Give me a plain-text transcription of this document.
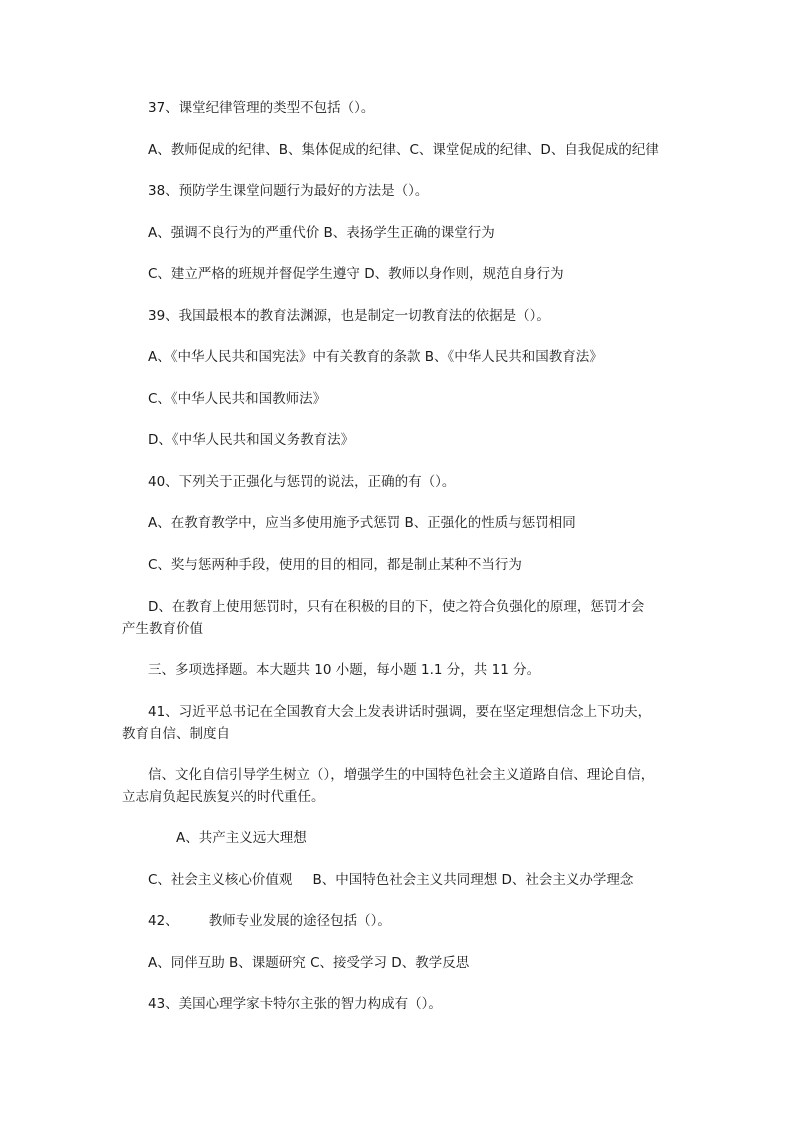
37、课堂纪律管理的类型不包括（）。
A、教师促成的纪律、B、集体促成的纪律、C、课堂促成的纪律、D、自我促成的纪律
38、预防学生课堂问题行为最好的方法是（）。
A、强调不良行为的严重代价 B、表扬学生正确的课堂行为
C、建立严格的班规并督促学生遵守 D、教师以身作则，规范自身行为
39、我国最根本的教育法渊源，也是制定一切教育法的依据是（）。
A、《中华人民共和国宪法》中有关教育的条款 B、《中华人民共和国教育法》
C、《中华人民共和国教师法》
D、《中华人民共和国义务教育法》
40、下列关于正强化与惩罚的说法，正确的有（）。
A、在教育教学中，应当多使用施予式惩罚 B、正强化的性质与惩罚相同
C、奖与惩两种手段，使用的目的相同，都是制止某种不当行为
D、在教育上使用惩罚时，只有在积极的目的下，使之符合负强化的原理，惩罚才会
产生教育价值
三、多项选择题。本大题共 10 小题，每小题 1.1 分，共 11 分。
41、习近平总书记在全国教育大会上发表讲话时强调，要在坚定理想信念上下功夫，
教育自信、制度自
信、文化自信引导学生树立（），增强学生的中国特色社会主义道路自信、理论自信，
立志肩负起民族复兴的时代重任。
A、共产主义远大理想
C、社会主义核心价值观 B、中国特色社会主义共同理想 D、社会主义办学理念
42、 教师专业发展的途径包括（）。
A、同伴互助 B、课题研究 C、接受学习 D、教学反思
43、美国心理学家卡特尔主张的智力构成有（）。
